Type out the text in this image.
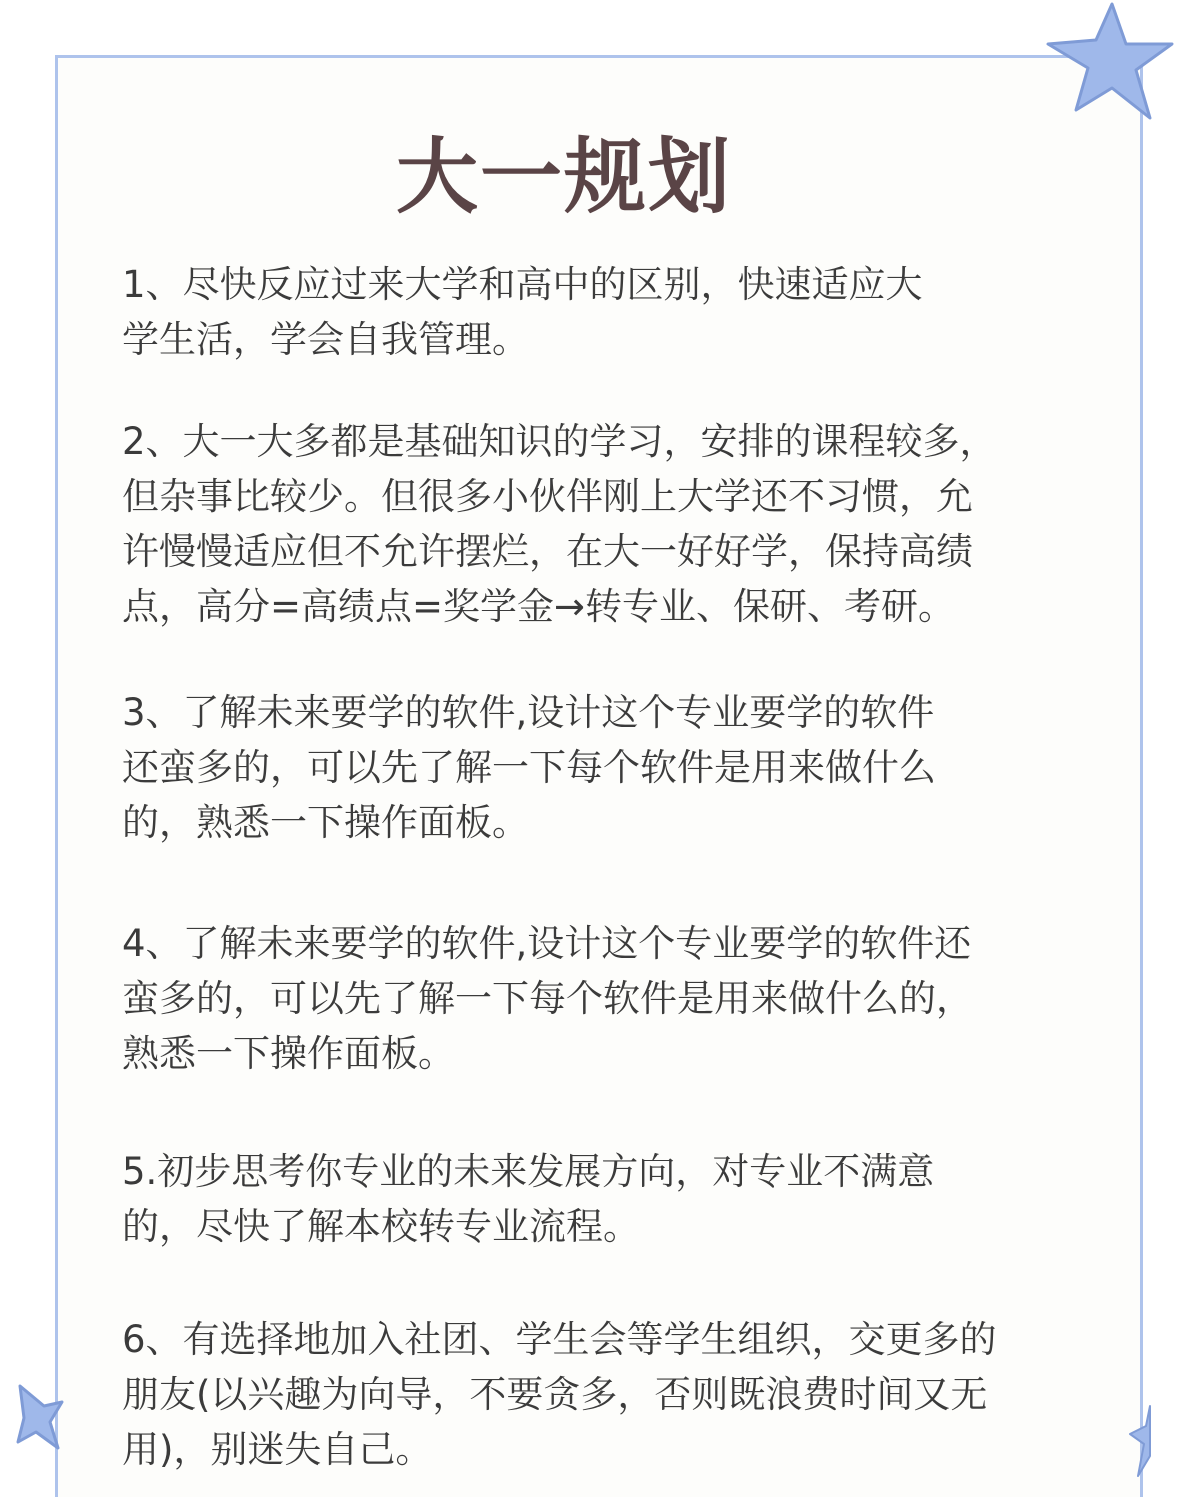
大一规划

1、尽快反应过来大学和高中的区别，快速适应大
学生活，学会自我管理。

2、大一大多都是基础知识的学习，安排的课程较多，
但杂事比较少。但很多小伙伴刚上大学还不习惯，允
许慢慢适应但不允许摆烂，在大一好好学，保持高绩
点，高分=高绩点=奖学金→转专业、保研、考研。

3、了解未来要学的软件,设计这个专业要学的软件
还蛮多的，可以先了解一下每个软件是用来做什么
的，熟悉一下操作面板。

4、了解未来要学的软件,设计这个专业要学的软件还
蛮多的，可以先了解一下每个软件是用来做什么的，
熟悉一下操作面板。

5.初步思考你专业的未来发展方向，对专业不满意
的，尽快了解本校转专业流程。

6、有选择地加入社团、学生会等学生组织，交更多的
朋友(以兴趣为向导，不要贪多，否则既浪费时间又无
用)，别迷失自己。
